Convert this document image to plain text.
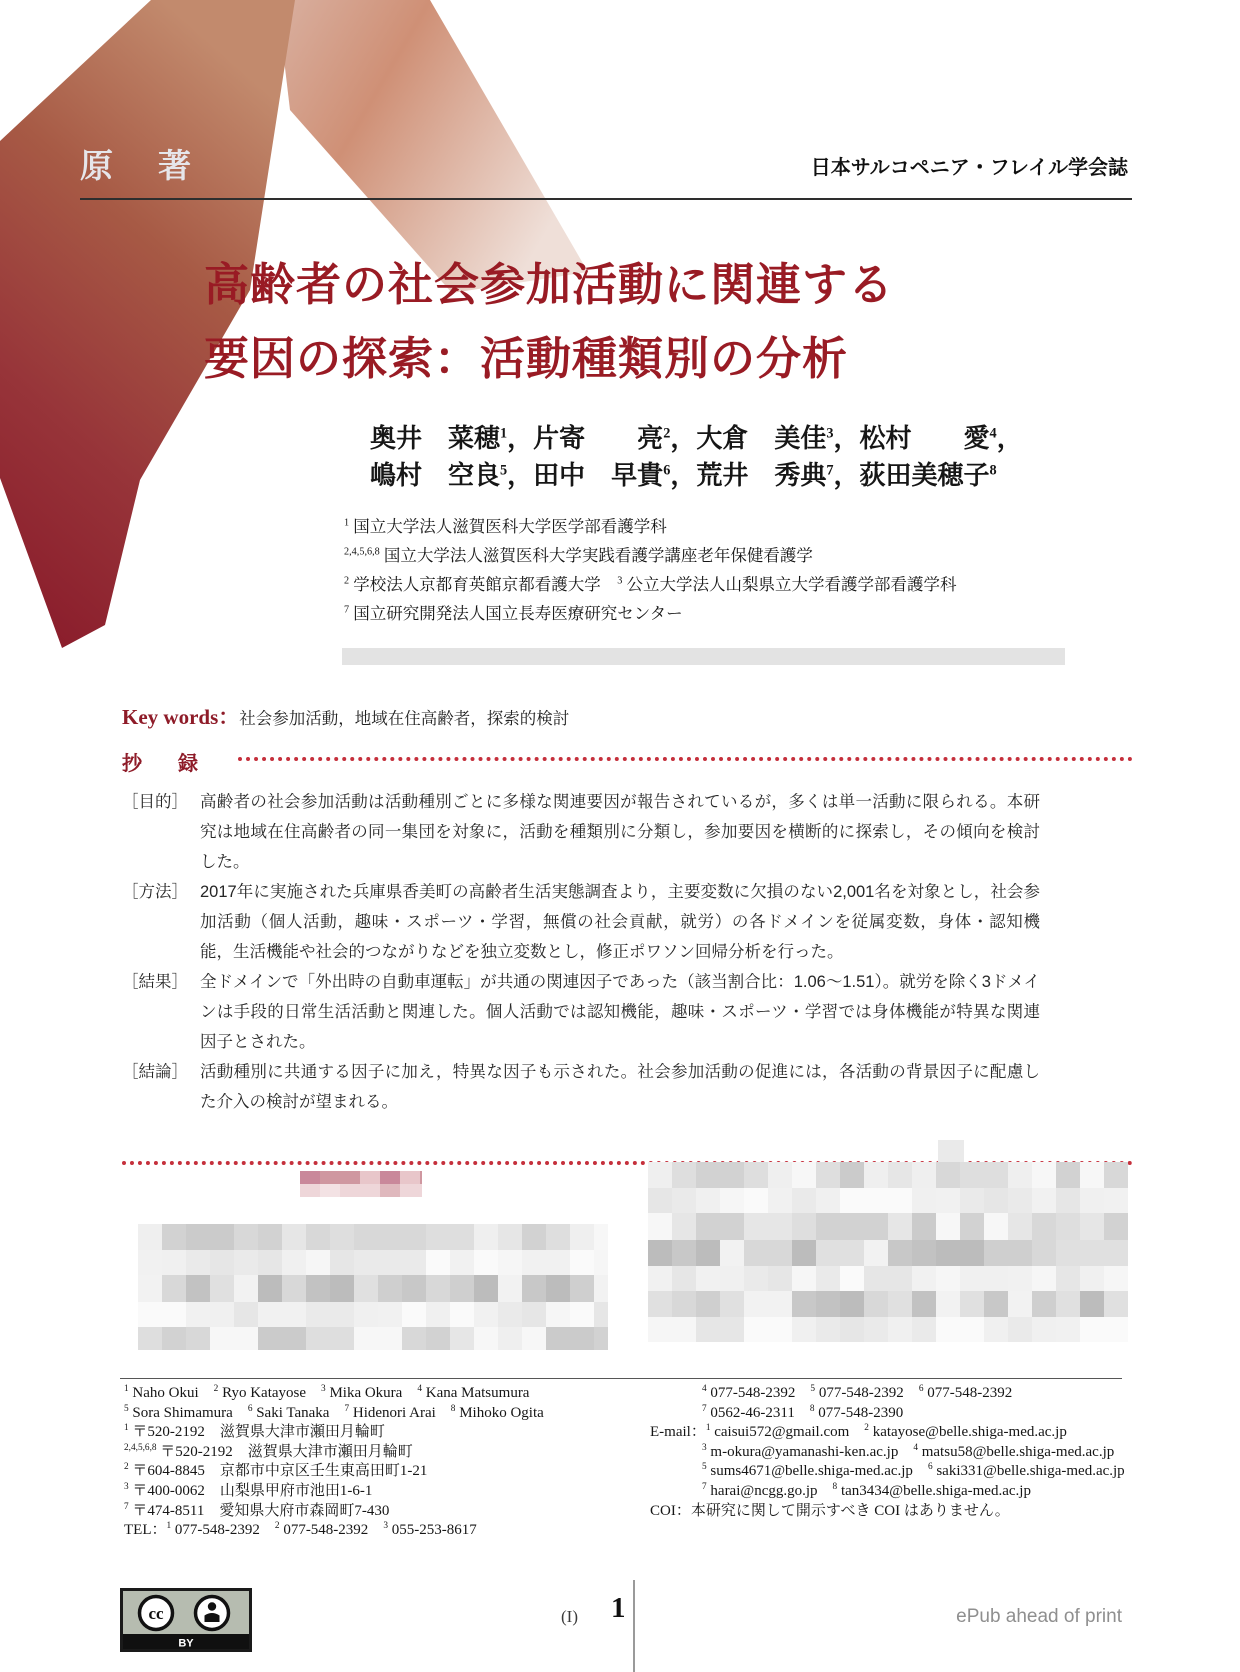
原　著	日本サルコペニア・フレイル学会誌
高齢者の社会参加活動に関連する
要因の探索：活動種類別の分析
奥井　菜穂$^1$，片寄　　亮$^2$，大倉　美佳$^3$，松村　　愛$^4$，
嶋村　空良$^5$，田中　早貴$^6$，荒井　秀典$^7$，荻田美穂子$^8$
$^1$ 国立大学法人滋賀医科大学医学部看護学科
$^{2,4,5,6,8}$ 国立大学法人滋賀医科大学実践看護学講座老年保健看護学
$^2$ 学校法人京都育英館京都看護大学　 $^3$ 公立大学法人山梨県立大学看護学部看護学科
$^7$ 国立研究開発法人国立長寿医療研究センター
Key words：社会参加活動，地域在住高齢者，探索的検討
抄　録
［目的］ 高齢者の社会参加活動は活動種別ごとに多様な関連要因が報告されているが，多くは単一活動に限られる。本研究は地域在住高齢者の同一集団を対象に，活動を種類別に分類し，参加要因を横断的に探索し，その傾向を検討した。
［方法］ 2017年に実施された兵庫県香美町の高齢者生活実態調査より，主要変数に欠損のない2,001名を対象とし，社会参加活動（個人活動，趣味・スポーツ・学習，無償の社会貢献，就労）の各ドメインを従属変数，身体・認知機能，生活機能や社会的つながりなどを独立変数とし，修正ポワソン回帰分析を行った。
［結果］ 全ドメインで「外出時の自動車運転」が共通の関連因子であった（該当割合比：1.06〜1.51）。就労を除く3ドメインは手段的日常生活活動と関連した。個人活動では認知機能，趣味・スポーツ・学習では身体機能が特異な関連因子とされた。
［結論］ 活動種別に共通する因子に加え，特異な因子も示された。社会参加活動の促進には，各活動の背景因子に配慮した介入の検討が望まれる。
$^1$ Naho Okui　$^2$ Ryo Katayose　$^3$ Mika Okura　$^4$ Kana Matsumura
$^5$ Sora Shimamura　$^6$ Saki Tanaka　$^7$ Hidenori Arai　$^8$ Mihoko Ogita
$^1$ 〒520-2192　滋賀県大津市瀬田月輪町
$^{2,4,5,6,8}$ 〒520-2192　滋賀県大津市瀬田月輪町
$^2$ 〒604-8845　京都市中京区壬生東高田町1-21
$^3$ 〒400-0062　山梨県甲府市池田1-6-1
$^7$ 〒474-8511　愛知県大府市森岡町7-430
TEL：$^1$ 077-548-2392　$^2$ 077-548-2392　$^3$ 055-253-8617
$^4$ 077-548-2392　$^5$ 077-548-2392　$^6$ 077-548-2392
$^7$ 0562-46-2311　$^8$ 077-548-2390
E-mail：$^1$ caisui572@gmail.com　$^2$ katayose@belle.shiga-med.ac.jp
$^3$ m-okura@yamanashi-ken.ac.jp　$^4$ matsu58@belle.shiga-med.ac.jp
$^5$ sums4671@belle.shiga-med.ac.jp　$^6$ saki331@belle.shiga-med.ac.jp
$^7$ harai@ncgg.go.jp　$^8$ tan3434@belle.shiga-med.ac.jp
COI：本研究に関して開示すべき COI はありません。
cc
BY
(I) 1	ePub ahead of print
